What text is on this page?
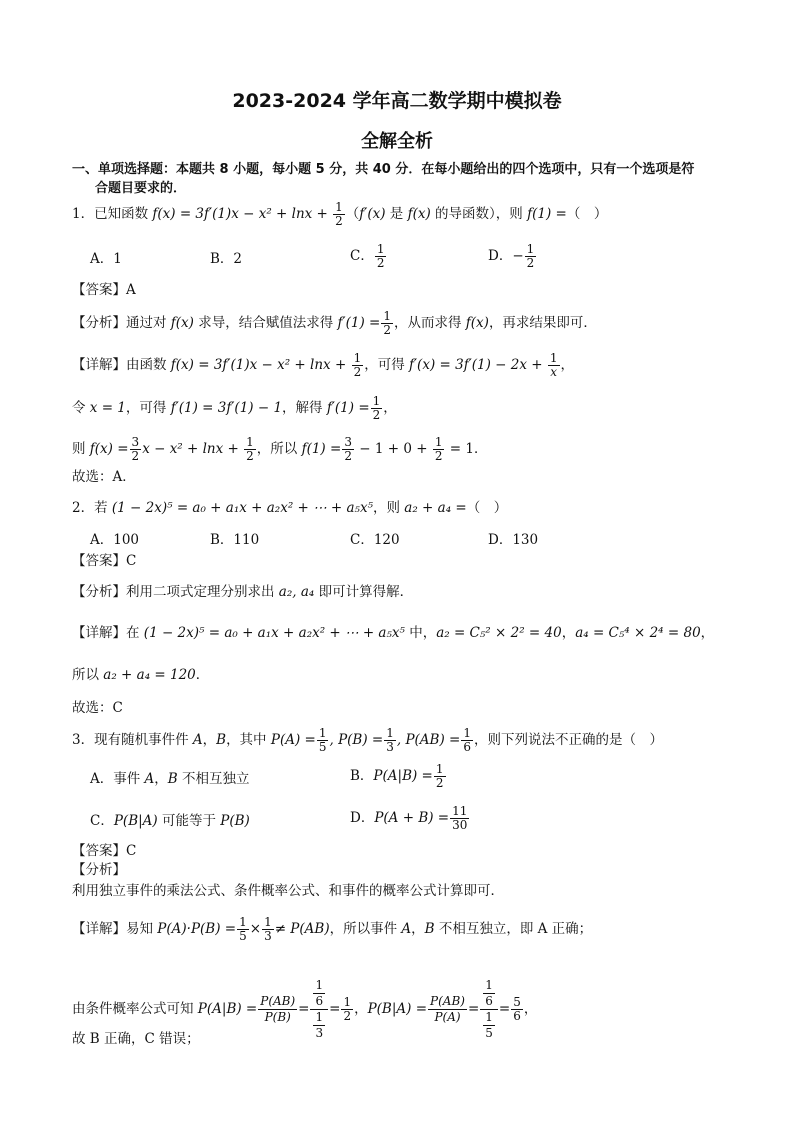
2023-2024 学年高二数学期中模拟卷
全解全析
一、单项选择题：本题共 8 小题，每小题 5 分，共 40 分．在每小题给出的四个选项中，只有一个选项是符
合题目要求的．
1．已知函数 $f(x) = 3f'(1)x - x^2 + \ln x + \frac{1}{2} (f'(x)$ 是 f(x) 的导函数），则 f(1) =（　）
A．1	B．2	C． $\frac{1}{2}$	D．− $\frac{1}{2}$
【答案】A
【分析】通过对 f(x) 求导，结合赋值法求得 $f'(1) = \frac{1}{2}$ ，从而求得 f(x)，再求结果即可．
【详解】由函数 $f(x) = 3f'(1)x - x^2 + \ln x + \frac{1}{2}$ ，可得 $f'(x) = 3f'(1) - 2x + \frac{1}{x}$ ，
令 x = 1，可得 f′(1) = 3f′(1) − 1，解得 $f'(1) = \frac{1}{2}$ ，
则 $f(x) = \frac{3}{2}$ $x - x^2 + \ln x + \frac{1}{2}$ ，所以 $f(1) = \frac{3}{2} - 1 + 0 + \frac{1}{2} = 1$．
故选：A．
2．若 (1 − 2x)⁵ = a₀ + a₁x + a₂x² + ⋯ + a₅x⁵，则 a₂ + a₄ =（　）
A．100	B．110	C．120	D．130
【答案】C
【分析】利用二项式定理分别求出 a₂, a₄ 即可计算得解．
【详解】在 (1 − 2x)⁵ = a₀ + a₁x + a₂x² + ⋯ + a₅x⁵ 中，a₂ = C₅² × 2² = 40，a₄ = C₅⁴ × 2⁴ = 80，
所以 a₂ + a₄ = 120．
故选：C
3．现有随机事件件 A，B，其中 $P(A) = \frac{1}{5}$ , $P(B) = \frac{1}{3}$ , $P(AB) = \frac{1}{6}$ ，则下列说法不正确的是（　）
A．事件 A，B 不相互独立	B．$P(A|B) = \frac{1}{2}$
C．P(B|A) 可能等于 P(B)	D．$P(A + B) = \frac{11}{30}$
【答案】C
【分析】
利用独立事件的乘法公式、条件概率公式、和事件的概率公式计算即可．
【详解】易知 $P(A)\cdot P(B) = \frac{1}{5} \times \frac{1}{3} \ne P(AB)$，所以事件 A，B 不相互独立，即 A 正确；
由条件概率公式可知 $P(A|B) = \frac{P(AB)}{P(B)} = \frac{\frac{1}{6}}{\frac{1}{3}} = \frac{1}{2}$ ，$P(B|A) = \frac{P(AB)}{P(A)} = \frac{\frac{1}{6}}{\frac{1}{5}} = \frac{5}{6}$ ，
故 B 正确，C 错误；
